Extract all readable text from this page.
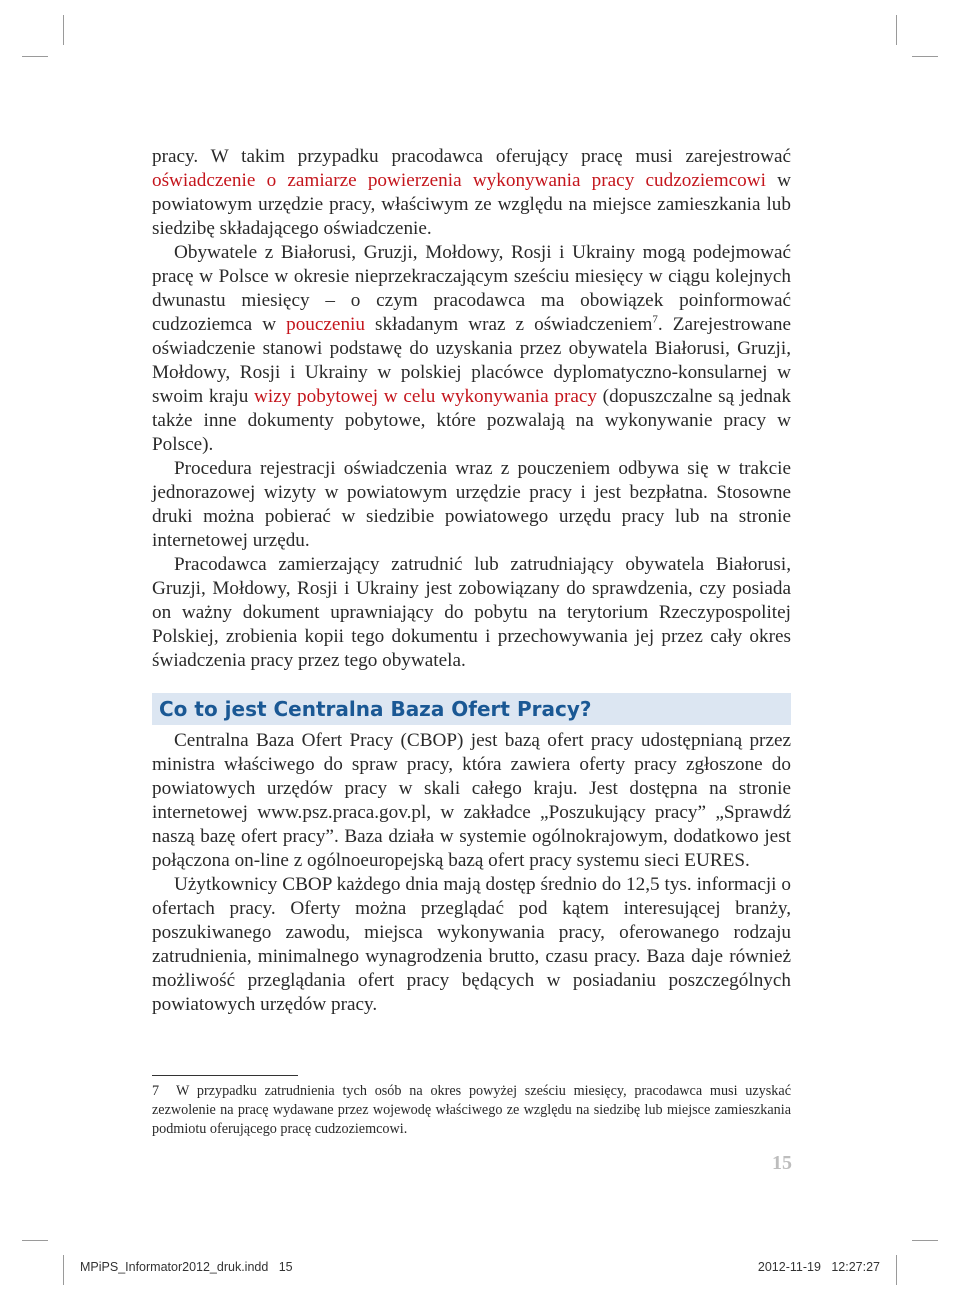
pracy. W takim przypadku pracodawca oferujący pracę musi zarejestrować oświadczenie o zamiarze powierzenia wykonywania pracy cudzoziemcowi w powiatowym urzędzie pracy, właściwym ze względu na miejsce zamieszkania lub siedzibę składającego oświadczenie.

Obywatele z Białorusi, Gruzji, Mołdowy, Rosji i Ukrainy mogą podejmować pracę w Polsce w okresie nieprzekraczającym sześciu miesięcy w ciągu kolejnych dwunastu miesięcy – o czym pracodawca ma obowiązek poinformować cudzoziemca w pouczeniu składanym wraz z oświadczeniem$^7$. Zarejestrowane oświadczenie stanowi podstawę do uzyskania przez obywatela Białorusi, Gruzji, Mołdowy, Rosji i Ukrainy w polskiej placówce dyplomatyczno-konsularnej w swoim kraju wizy pobytowej w celu wykonywania pracy (dopuszczalne są jednak także inne dokumenty pobytowe, które pozwalają na wykonywanie pracy w Polsce).

Procedura rejestracji oświadczenia wraz z pouczeniem odbywa się w trakcie jednorazowej wizyty w powiatowym urzędzie pracy i jest bezpłatna. Stosowne druki można pobierać w siedzibie powiatowego urzędu pracy lub na stronie internetowej urzędu.

Pracodawca zamierzający zatrudnić lub zatrudniający obywatela Białorusi, Gruzji, Mołdowy, Rosji i Ukrainy jest zobowiązany do sprawdzenia, czy posiada on ważny dokument uprawniający do pobytu na terytorium Rzeczypospolitej Polskiej, zrobienia kopii tego dokumentu i przechowywania jej przez cały okres świadczenia pracy przez tego obywatela.

Co to jest Centralna Baza Ofert Pracy?

Centralna Baza Ofert Pracy (CBOP) jest bazą ofert pracy udostępnianą przez ministra właściwego do spraw pracy, która zawiera oferty pracy zgłoszone do powiatowych urzędów pracy w skali całego kraju. Jest dostępna na stronie internetowej www.psz.praca.gov.pl, w zakładce „Poszukujący pracy” „Sprawdź naszą bazę ofert pracy”. Baza działa w systemie ogólnokrajowym, dodatkowo jest połączona on-line z ogólnoeuropejską bazą ofert pracy systemu sieci EURES.

Użytkownicy CBOP każdego dnia mają dostęp średnio do 12,5 tys. informacji o ofertach pracy. Oferty można przeglądać pod kątem interesującej branży, poszukiwanego zawodu, miejsca wykonywania pracy, oferowanego rodzaju zatrudnienia, minimalnego wynagrodzenia brutto, czasu pracy. Baza daje również możliwość przeglądania ofert pracy będących w posiadaniu poszczególnych powiatowych urzędów pracy.

7 W przypadku zatrudnienia tych osób na okres powyżej sześciu miesięcy, pracodawca musi uzyskać zezwolenie na pracę wydawane przez wojewodę właściwego ze względu na siedzibę lub miejsce zamieszkania podmiotu oferującego pracę cudzoziemcowi.
15
MPiPS_Informator2012_druk.indd   15	2012-11-19   12:27:27
